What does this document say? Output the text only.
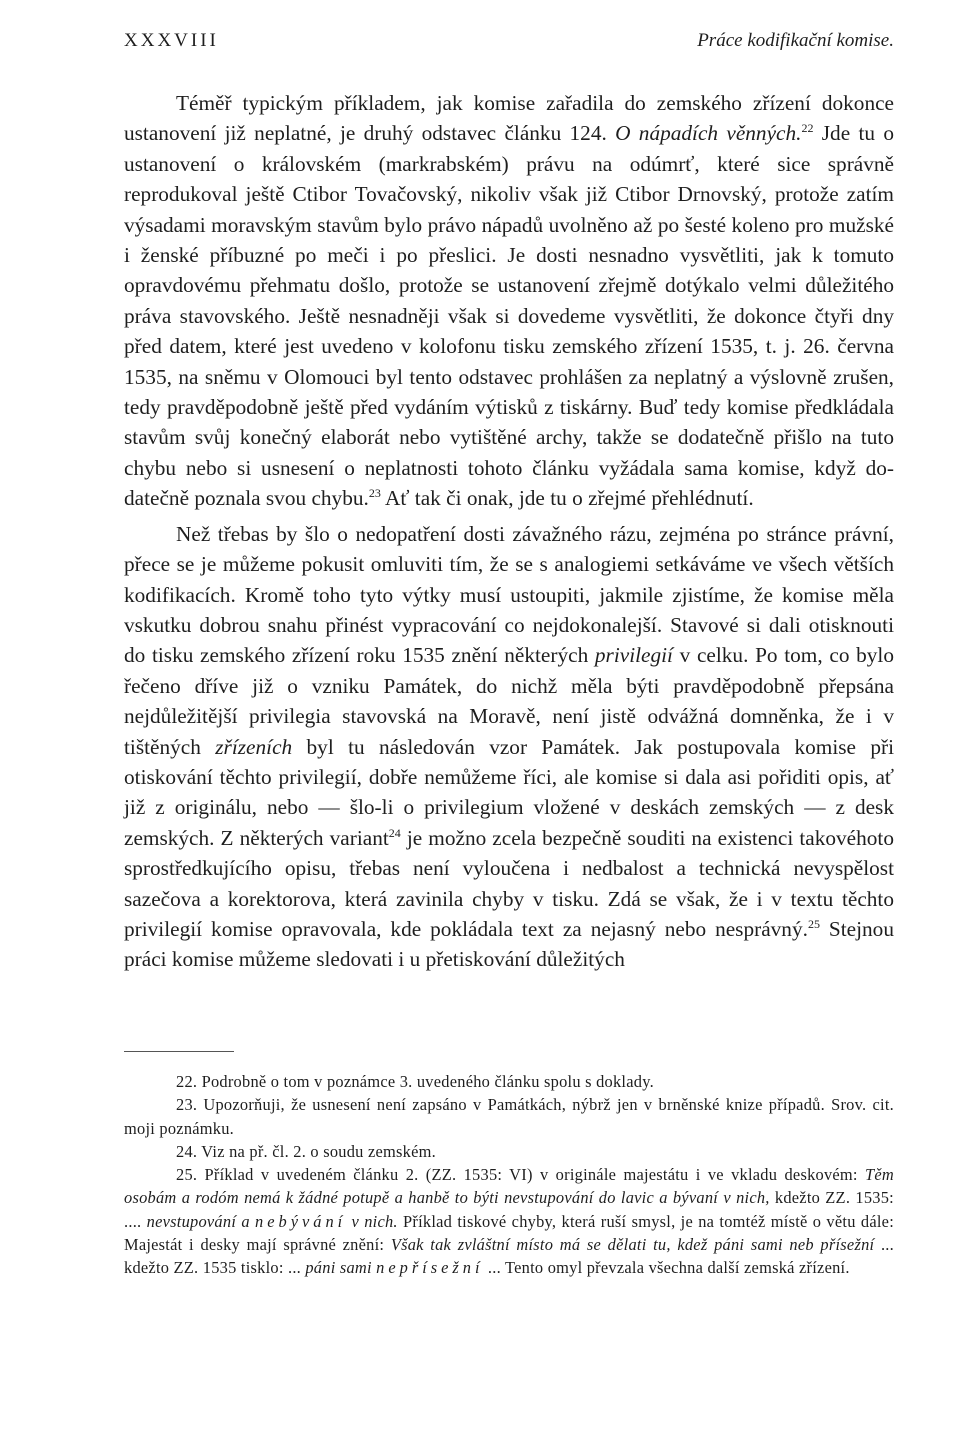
XXXVIII	Práce kodifikační komise.

Téměř typickým příkladem, jak komise zařadila do zemského zřízení dokonce ustanovení již neplatné, je druhý odstavec článku 124. O nápadích věnných.$^{22}$ Jde tu o ustanovení o královském (markrabském) právu na odúmrť, které sice správně reprodukoval ještě Ctibor Tovačovský, nikoliv však již Ctibor Drnovský, protože zatím výsadami moravským stavům bylo právo nápadů uvolněno až po šesté koleno pro mužské i ženské příbuzné po meči i po přeslici. Je dosti nesnadno vysvětliti, jak k tomuto opravdovému přehmatu došlo, protože se ustanovení zřejmě dotýkalo velmi důležitého práva stavovského. Ještě nesnadněji však si dovedeme vysvětliti, že dokonce čtyři dny před datem, které jest uvedeno v kolofonu tisku zemského zřízení 1535, t. j. 26. června 1535, na sněmu v Olomouci byl tento odstavec prohlášen za neplatný a výslovně zrušen, tedy pravděpodobně ještě před vydáním výtisků z tiskárny. Buď tedy komise předkládala stavům svůj konečný elaborát nebo vytištěné archy, takže se dodatečně přišlo na tuto chybu nebo si usnesení o neplatnosti tohoto článku vyžádala sama komise, když dodatečně poznala svou chybu.$^{23}$ Ať tak či onak, jde tu o zřejmé přehlédnutí.

Než třebas by šlo o nedopatření dosti závažného rázu, zejména po stránce právní, přece se je můžeme pokusit omluviti tím, že se s analogiemi setkáváme ve všech větších kodifikacích. Kromě toho tyto výtky musí ustoupiti, jakmile zjistíme, že komise měla vskutku dobrou snahu přinést vypracování co nejdokonalejší. Stavové si dali otisknouti do tisku zemského zřízení roku 1535 znění některých privilegií v celku. Po tom, co bylo řečeno dříve již o vzniku Památek, do nichž měla býti pravděpodobně přepsána nejdůležitější privilegia stavovská na Moravě, není jistě odvážná domněnka, že i v tištěných zřízeních byl tu následován vzor Památek. Jak postupovala komise při otiskování těchto privilegií, dobře nemůžeme říci, ale komise si dala asi pořiditi opis, ať již z originálu, nebo — šlo-li o privilegium vložené v deskách zemských — z desk zemských. Z některých variant$^{24}$ je možno zcela bezpečně souditi na existenci takovéhoto sprostředkujícího opisu, třebas není vyloučena i nedbalost a technická nevyspělost sazečova a korektorova, která zavinila chyby v tisku. Zdá se však, že i v textu těchto privilegií komise opravovala, kde pokládala text za nejasný nebo nesprávný.$^{25}$ Stejnou práci komise můžeme sledovati i u přetiskování důležitých

22. Podrobně o tom v poznámce 3. uvedeného článku spolu s doklady.

23. Upozorňuji, že usnesení není zapsáno v Památkách, nýbrž jen v brněnské knize případů. Srov. cit. moji poznámku.

24. Viz na př. čl. 2. o soudu zemském.

25. Příklad v uvedeném článku 2. (ZZ. 1535: VI) v originále majestátu i ve vkladu deskovém: Těm osobám a rodóm nemá k žádné potupě a hanbě to býti nevstupování do lavic a bývaní v nich, kdežto ZZ. 1535: .... nevstupování a nebývání v nich. Příklad tiskové chyby, která ruší smysl, je na tomtéž místě o větu dále: Majestát i desky mají správné znění: Však tak zvláštní místo má se dělati tu, kdež páni sami neb přísežní ... kdežto ZZ. 1535 tisklo: ... páni sami nepřísežní ... Tento omyl převzala všechna další zemská zřízení.
